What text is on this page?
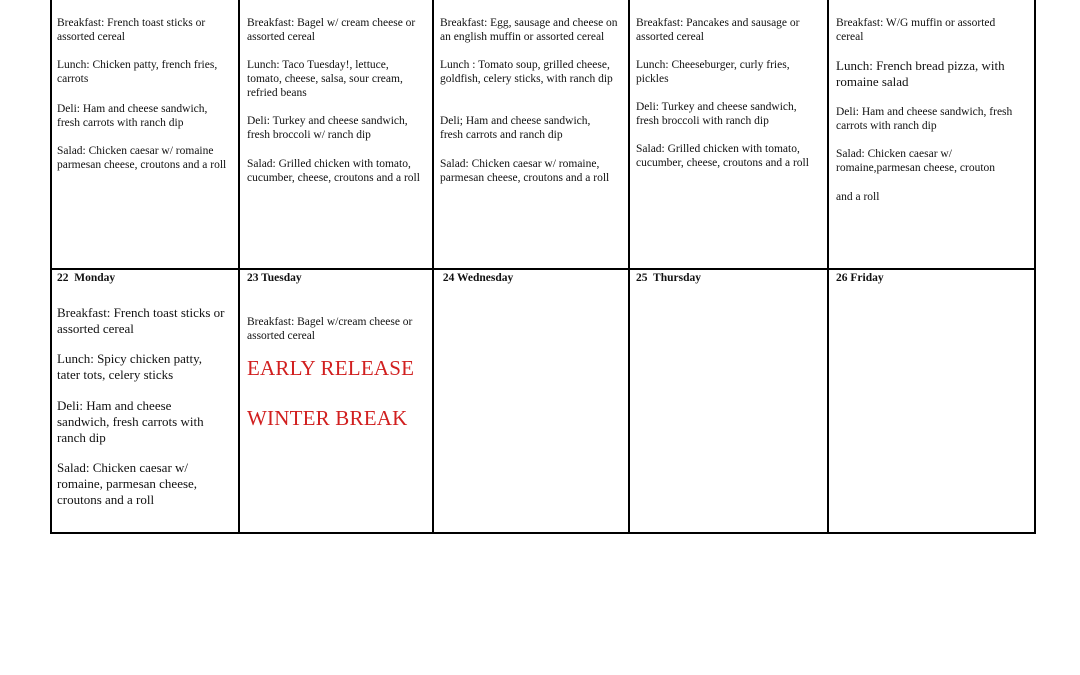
Breakfast: French toast sticks or assorted cereal
Lunch: Chicken patty, french fries, carrots
Deli: Ham and cheese sandwich, fresh carrots with ranch dip
Salad: Chicken caesar w/ romaine parmesan cheese, croutons and a roll
Breakfast: Bagel w/ cream cheese or assorted cereal
Lunch: Taco Tuesday!, lettuce, tomato, cheese, salsa, sour cream, refried beans
Deli: Turkey and cheese sandwich, fresh broccoli w/ ranch dip
Salad: Grilled chicken with tomato, cucumber, cheese, croutons and a roll
Breakfast: Egg, sausage and cheese on an english muffin or assorted cereal
Lunch : Tomato soup, grilled cheese, goldfish, celery sticks, with ranch dip
Deli; Ham and cheese sandwich, fresh carrots and ranch dip
Salad: Chicken caesar w/ romaine, parmesan cheese, croutons and a roll
Breakfast: Pancakes and sausage or assorted cereal
Lunch: Cheeseburger, curly fries, pickles
Deli: Turkey and cheese sandwich, fresh broccoli with ranch dip
Salad: Grilled chicken with tomato, cucumber, cheese, croutons and a roll
Breakfast: W/G muffin or assorted cereal
Lunch: French bread pizza, with romaine salad
Deli: Ham and cheese sandwich, fresh carrots with ranch dip
Salad: Chicken caesar w/ romaine,parmesan cheese, crouton
and a roll
22  Monday
Breakfast: French toast sticks or assorted cereal
Lunch: Spicy chicken patty, tater tots, celery sticks
Deli: Ham and cheese sandwich, fresh carrots with ranch dip
Salad: Chicken caesar w/ romaine, parmesan cheese, croutons and a roll
23 Tuesday
Breakfast: Bagel w/cream cheese or assorted cereal
EARLY RELEASE
WINTER BREAK
24 Wednesday	25  Thursday	26 Friday
